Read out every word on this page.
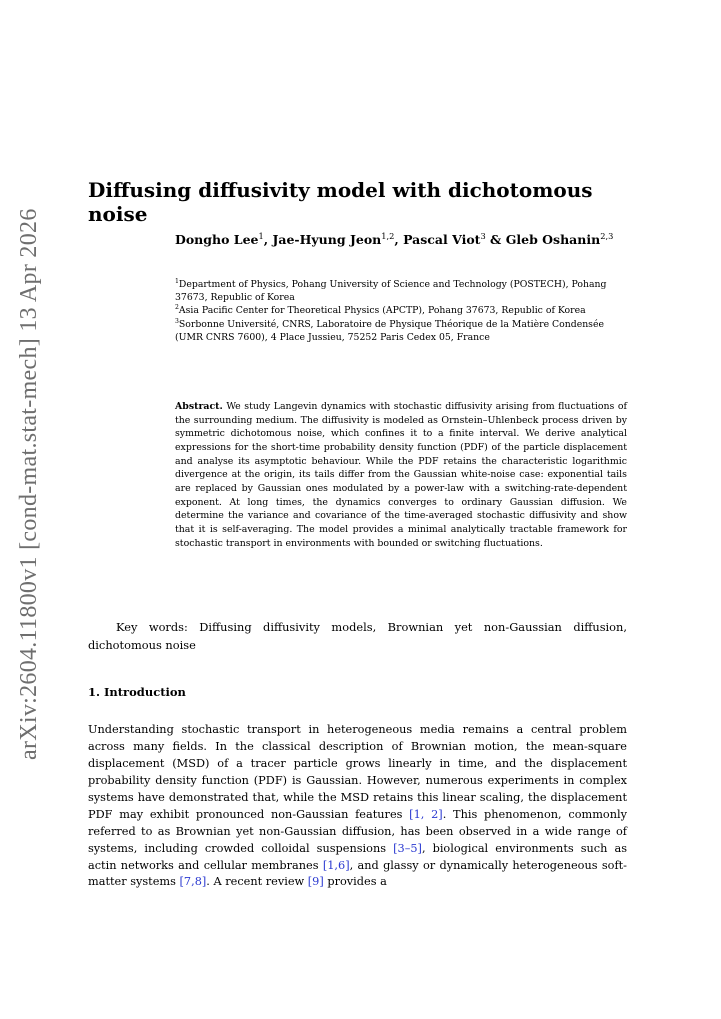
arXiv:2604.11800v1 [cond-mat.stat-mech] 13 Apr 2026
Diffusing diffusivity model with dichotomous noise

Dongho Lee$^1$, Jae-Hyung Jeon$^{1,2}$, Pascal Viot$^3$ & Gleb Oshanin$^{2,3}$

$^1$Department of Physics, Pohang University of Science and Technology (POSTECH), Pohang 37673, Republic of Korea
$^2$Asia Pacific Center for Theoretical Physics (APCTP), Pohang 37673, Republic of Korea
$^3$Sorbonne Université, CNRS, Laboratoire de Physique Théorique de la Matière Condensée (UMR CNRS 7600), 4 Place Jussieu, 75252 Paris Cedex 05, France

Abstract. We study Langevin dynamics with stochastic diffusivity arising from fluctuations of the surrounding medium. The diffusivity is modeled as Ornstein–Uhlenbeck process driven by symmetric dichotomous noise, which confines it to a finite interval. We derive analytical expressions for the short-time probability density function (PDF) of the particle displacement and analyse its asymptotic behaviour. While the PDF retains the characteristic logarithmic divergence at the origin, its tails differ from the Gaussian white-noise case: exponential tails are replaced by Gaussian ones modulated by a power-law with a switching-rate-dependent exponent. At long times, the dynamics converges to ordinary Gaussian diffusion. We determine the variance and covariance of the time-averaged stochastic diffusivity and show that it is self-averaging. The model provides a minimal analytically tractable framework for stochastic transport in environments with bounded or switching fluctuations.

Key words: Diffusing diffusivity models, Brownian yet non-Gaussian diffusion, dichotomous noise

1. Introduction

Understanding stochastic transport in heterogeneous media remains a central problem across many fields. In the classical description of Brownian motion, the mean-square displacement (MSD) of a tracer particle grows linearly in time, and the displacement probability density function (PDF) is Gaussian. However, numerous experiments in complex systems have demonstrated that, while the MSD retains this linear scaling, the displacement PDF may exhibit pronounced non-Gaussian features [1, 2]. This phenomenon, commonly referred to as Brownian yet non-Gaussian diffusion, has been observed in a wide range of systems, including crowded colloidal suspensions [3–5], biological environments such as actin networks and cellular membranes [1,6], and glassy or dynamically heterogeneous soft-matter systems [7,8]. A recent review [9] provides a
